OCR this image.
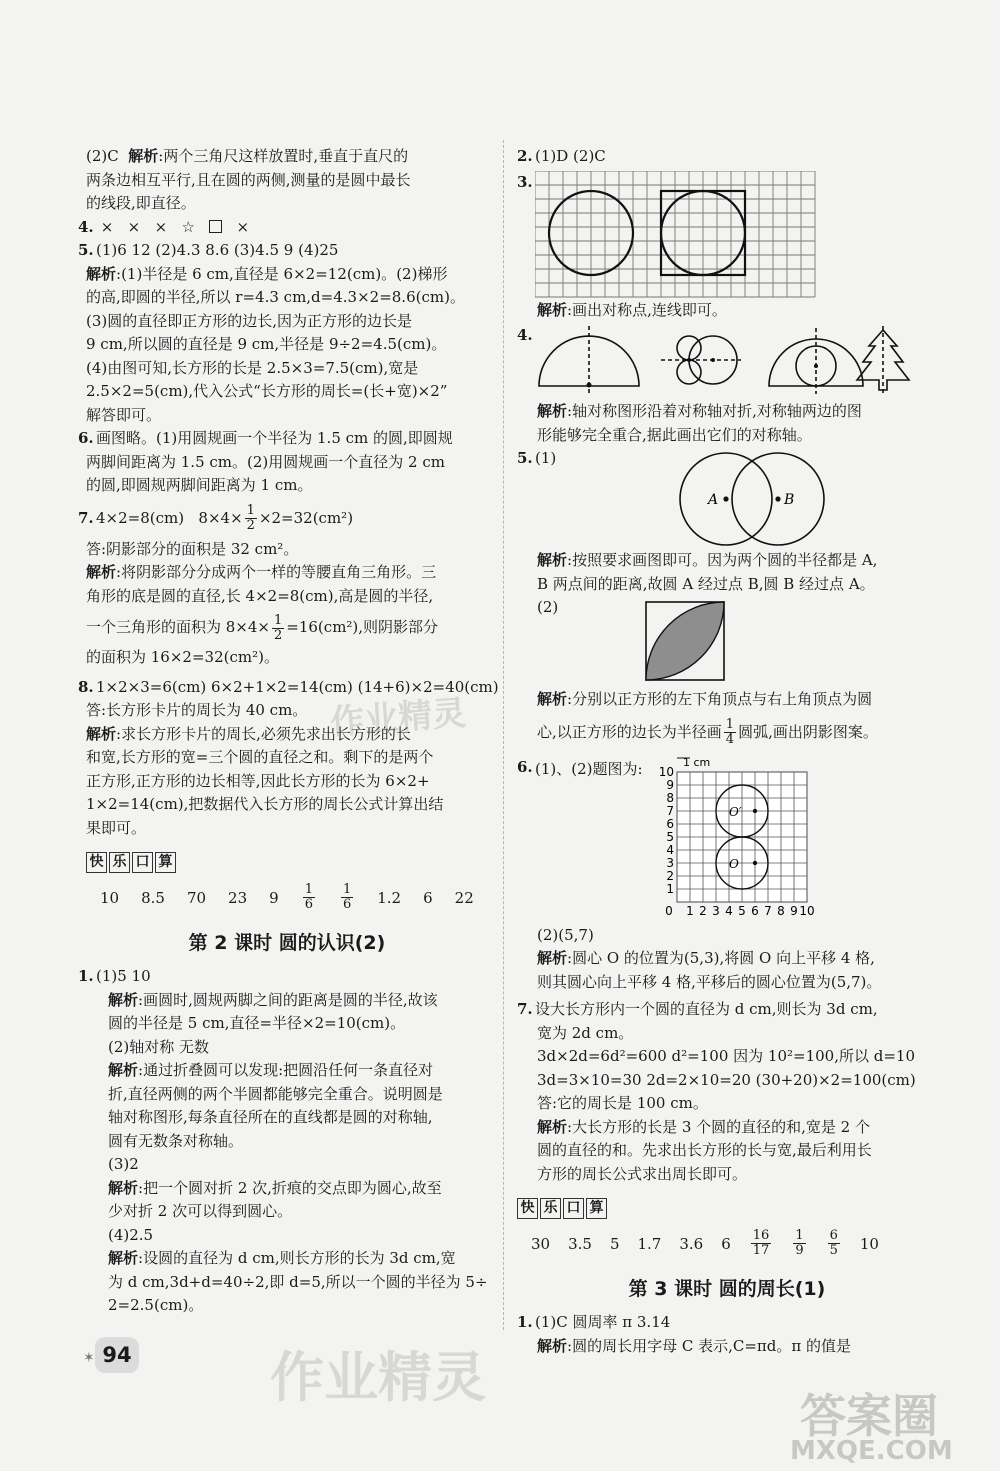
(2)C 解析:两个三角尺这样放置时,垂直于直尺的
两条边相互平行,且在圆的两侧,测量的是圆中最长
的线段,即直径。
4. × × × ☆	×
5. (1)6 12 (2)4.3 8.6 (3)4.5 9 (4)25
解析:(1)半径是 6 cm,直径是 6×2=12(cm)。(2)梯形
的高,即圆的半径,所以 r=4.3 cm,d=4.3×2=8.6(cm)。
(3)圆的直径即正方形的边长,因为正方形的边长是
9 cm,所以圆的直径是 9 cm,半径是 9÷2=4.5(cm)。
(4)由图可知,长方形的长是 2.5×3=7.5(cm),宽是
2.5×2=5(cm),代入公式“长方形的周长=(长+宽)×2”
解答即可。
6. 画图略。(1)用圆规画一个半径为 1.5 cm 的圆,即圆规
两脚间距离为 1.5 cm。(2)用圆规画一个直径为 2 cm
的圆,即圆规两脚间距离为 1 cm。
7. 4×2=8(cm) $8\times 4\times \frac{1}{2} \times 2=32(cm^2)$
答:阴影部分的面积是 32 cm²。
解析:将阴影部分分成两个一样的等腰直角三角形。三
角形的底是圆的直径,长 4×2=8(cm),高是圆的半径,
一个三角形的面积为 $8\times 4\times \frac{1}{2} =16(cm^2)$,则阴影部分
的面积为 16×2=32(cm²)。
8. 1×2×3=6(cm) 6×2+1×2=14(cm) (14+6)×2=40(cm)
答:长方形卡片的周长为 40 cm。
解析:求长方形卡片的周长,必须先求出长方形的长
和宽,长方形的宽=三个圆的直径之和。剩下的是两个
正方形,正方形的边长相等,因此长方形的长为 6×2+
1×2=14(cm),把数据代入长方形的周长公式计算出结
果即可。
快 乐 口 算
10 8.5 70 23 $9 \frac{1}{6} \frac{1}{6} 1.2$ 6 22
第 2 课时 圆的认识(2)
1. (1)5 10
解析:画圆时,圆规两脚之间的距离是圆的半径,故该
圆的半径是 5 cm,直径=半径×2=10(cm)。
(2)轴对称 无数
解析:通过折叠圆可以发现:把圆沿任何一条直径对
折,直径两侧的两个半圆都能够完全重合。说明圆是
轴对称图形,每条直径所在的直线都是圆的对称轴,
圆有无数条对称轴。
(3)2
解析:把一个圆对折 2 次,折痕的交点即为圆心,故至
少对折 2 次可以得到圆心。
(4)2.5
解析:设圆的直径为 d cm,则长方形的长为 3d cm,宽
为 d cm,3d+d=40÷2,即 d=5,所以一个圆的半径为 5÷
2=2.5(cm)。
2. (1)D (2)C
3.
解析:画出对称点,连线即可。
4.
解析:轴对称图形沿着对称轴对折,对称轴两边的图
形能够完全重合,据此画出它们的对称轴。
5. (1)
A	B
解析:按照要求画图即可。因为两个圆的半径都是 A,
B 两点间的距离,故圆 A 经过点 B,圆 B 经过点 A。
(2)
解析:分别以正方形的左下角顶点与右上角顶点为圆
心,以正方形的边长为半径画 $\frac{1}{4}$ 圆弧,画出阴影图案。
6. (1)、(2)题图为:	1 cm
10
9
8
7
6
5
4
3
2
1
0 1 2 3 4 5 6 7 8 9 10
O
O′
(2)(5,7)
解析:圆心 O 的位置为(5,3),将圆 O 向上平移 4 格,
则其圆心向上平移 4 格,平移后的圆心位置为(5,7)。
7. 设大长方形内一个圆的直径为 d cm,则长为 3d cm,
宽为 2d cm。
3d×2d=6d²=600 d²=100 因为 10²=100,所以 d=10
3d=3×10=30 2d=2×10=20 (30+20)×2=100(cm)
答:它的周长是 100 cm。
解析:大长方形的长是 3 个圆的直径的和,宽是 2 个
圆的直径的和。先求出长方形的长与宽,最后利用长
方形的周长公式求出周长即可。
快 乐 口 算
30 3.5 5 1.7 3.6 $6 \frac{16}{17} \frac{1}{9} \frac{6}{5} 10$
第 3 课时 圆的周长(1)
1. (1)C 圆周率 π 3.14
解析:圆的周长用字母 C 表示,C=πd。π 的值是
✶ 94
作业精灵
作业精灵
答案圈
MXQE.COM
